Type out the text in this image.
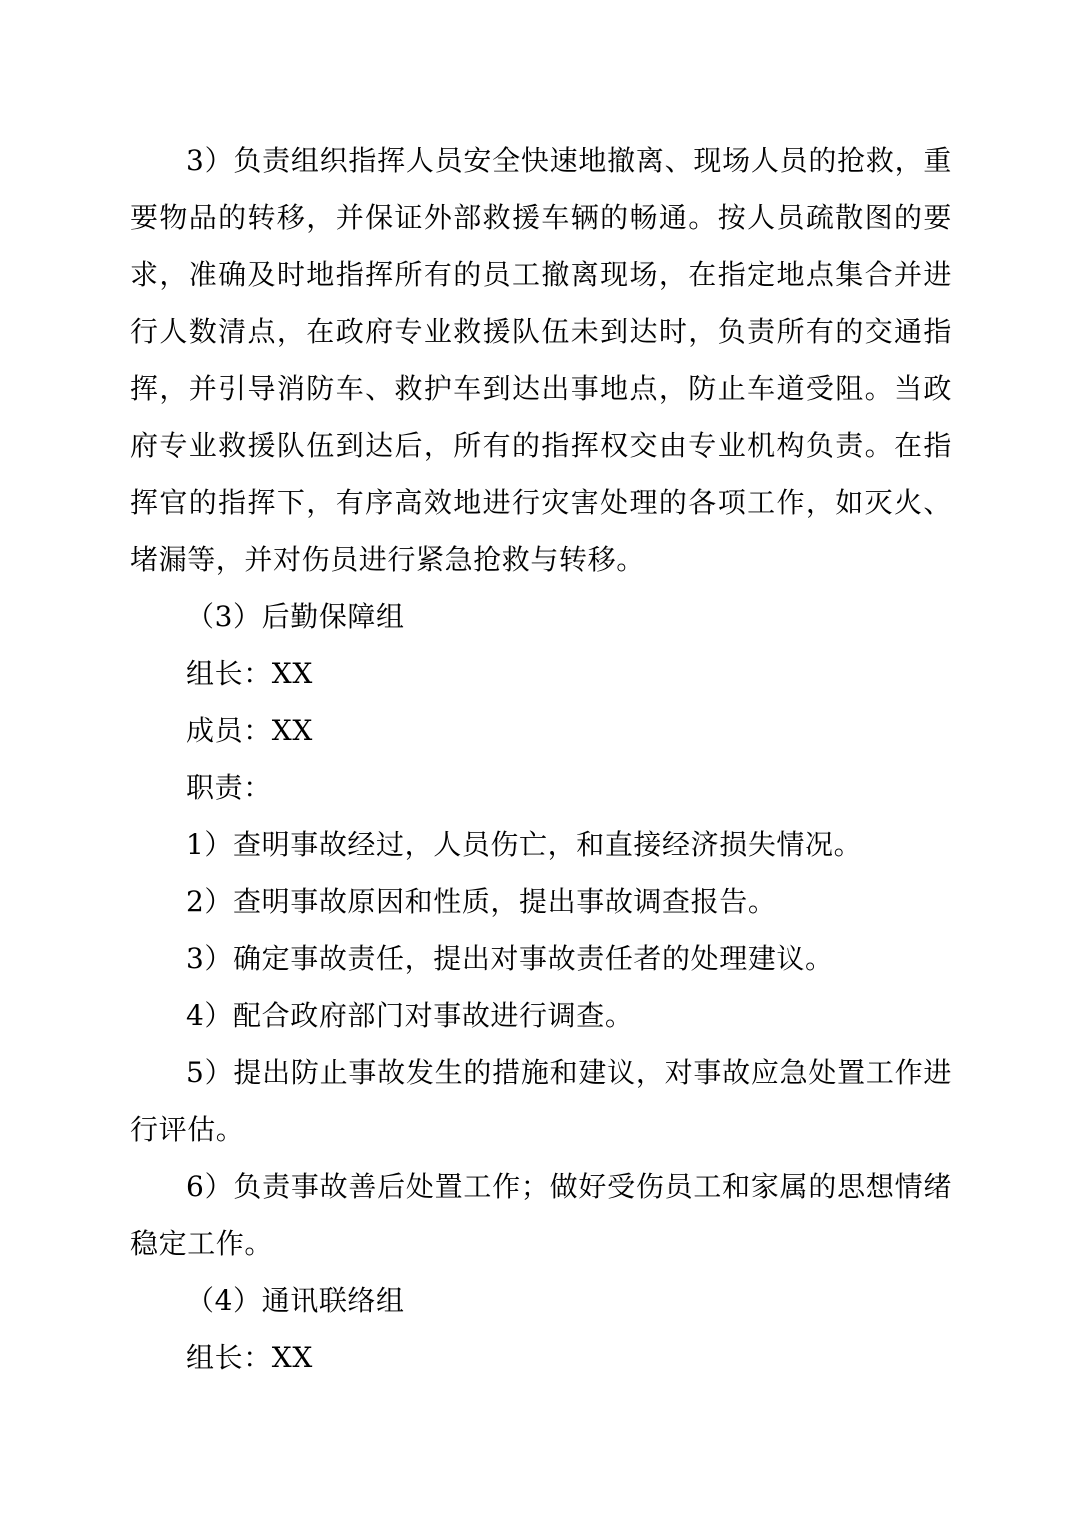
3）负责组织指挥人员安全快速地撤离、现场人员的抢救，重要物品的转移，并保证外部救援车辆的畅通。按人员疏散图的要求，准确及时地指挥所有的员工撤离现场，在指定地点集合并进行人数清点，在政府专业救援队伍未到达时，负责所有的交通指挥，并引导消防车、救护车到达出事地点，防止车道受阻。当政府专业救援队伍到达后，所有的指挥权交由专业机构负责。在指挥官的指挥下，有序高效地进行灾害处理的各项工作，如灭火、堵漏等，并对伤员进行紧急抢救与转移。

（3）后勤保障组

组长：XX

成员：XX

职责：

1）查明事故经过，人员伤亡，和直接经济损失情况。

2）查明事故原因和性质，提出事故调查报告。

3）确定事故责任，提出对事故责任者的处理建议。

4）配合政府部门对事故进行调查。

5）提出防止事故发生的措施和建议，对事故应急处置工作进行评估。

6）负责事故善后处置工作；做好受伤员工和家属的思想情绪稳定工作。

（4）通讯联络组

组长：XX
